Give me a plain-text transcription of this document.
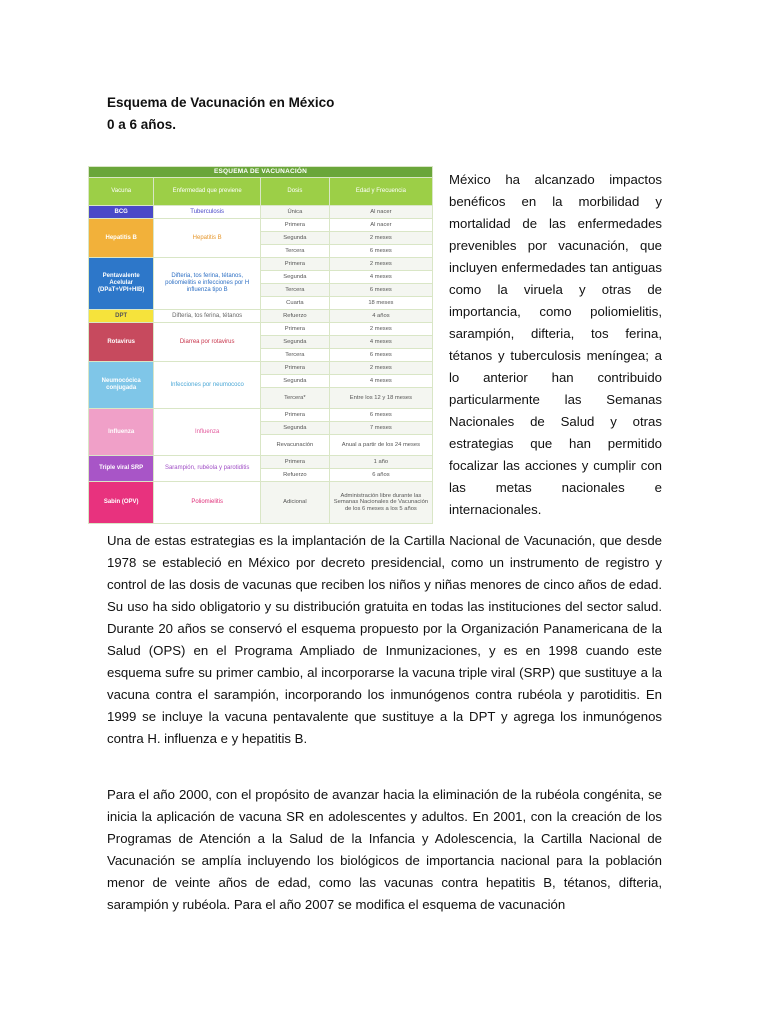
Esquema de Vacunación en México
0 a 6 años.
ESQUEMA DE VACUNACIÓN			
Vacuna	Enfermedad que previene	Dosis	Edad y Frecuencia
BCG	Tuberculosis	Única	Al nacer
Hepatitis B	Hepatitis B	Primera	Al nacer
		Segunda	2 meses
		Tercera	6 meses
Pentavalente Acelular (DPaT+VPI+HIB)	Difteria, tos ferina, tétanos, poliomielitis e infecciones por H influenza tipo B	Primera	2 meses
		Segunda	4 meses
		Tercera	6 meses
		Cuarta	18 meses
DPT	Difteria, tos ferina, tétanos	Refuerzo	4 años
Rotavirus	Diarrea por rotavirus	Primera	2 meses
		Segunda	4 meses
		Tercera	6 meses
Neumocócica conjugada	Infecciones por neumococo	Primera	2 meses
		Segunda	4 meses
		Tercera*	Entre los 12 y 18 meses
Influenza	Influenza	Primera	6 meses
		Segunda	7 meses
		Revacunación	Anual a partir de los 24 meses
Triple viral SRP	Sarampión, rubéola y parotiditis	Primera	1 año
		Refuerzo	6 años
Sabin (OPV)	Poliomielitis	Adicional	Administración libre durante las Semanas Nacionales de Vacunación de los 6 meses a los 5 años

México ha alcanzado impactos benéficos en la morbilidad y mortalidad de las enfermedades prevenibles por vacunación, que incluyen enfermedades tan antiguas como la viruela y otras de importancia, como poliomielitis, sarampión, difteria, tos ferina, tétanos y tuberculosis meníngea; a lo anterior han contribuido particularmente las Semanas Nacionales de Salud y otras estrategias que han permitido focalizar las acciones y cumplir con las metas nacionales e internacionales.

Una de estas estrategias es la implantación de la Cartilla Nacional de Vacunación, que desde 1978 se estableció en México por decreto presidencial, como un instrumento de registro y control de las dosis de vacunas que reciben los niños y niñas menores de cinco años de edad. Su uso ha sido obligatorio y su distribución gratuita en todas las instituciones del sector salud. Durante 20 años se conservó el esquema propuesto por la Organización Panamericana de la Salud (OPS) en el Programa Ampliado de Inmunizaciones, y es en 1998 cuando este esquema sufre su primer cambio, al incorporarse la vacuna triple viral (SRP) que sustituye a la vacuna contra el sarampión, incorporando los inmunógenos contra rubéola y parotiditis. En 1999 se incluye la vacuna pentavalente que sustituye a la DPT y agrega los inmunógenos contra H. influenza e y hepatitis B.

Para el año 2000, con el propósito de avanzar hacia la eliminación de la rubéola congénita, se inicia la aplicación de vacuna SR en adolescentes y adultos. En 2001, con la creación de los Programas de Atención a la Salud de la Infancia y Adolescencia, la Cartilla Nacional de Vacunación se amplía incluyendo los biológicos de importancia nacional para la población menor de veinte años de edad, como las vacunas contra hepatitis B, tétanos, difteria, sarampión y rubéola. Para el año 2007 se modifica el esquema de vacunación
